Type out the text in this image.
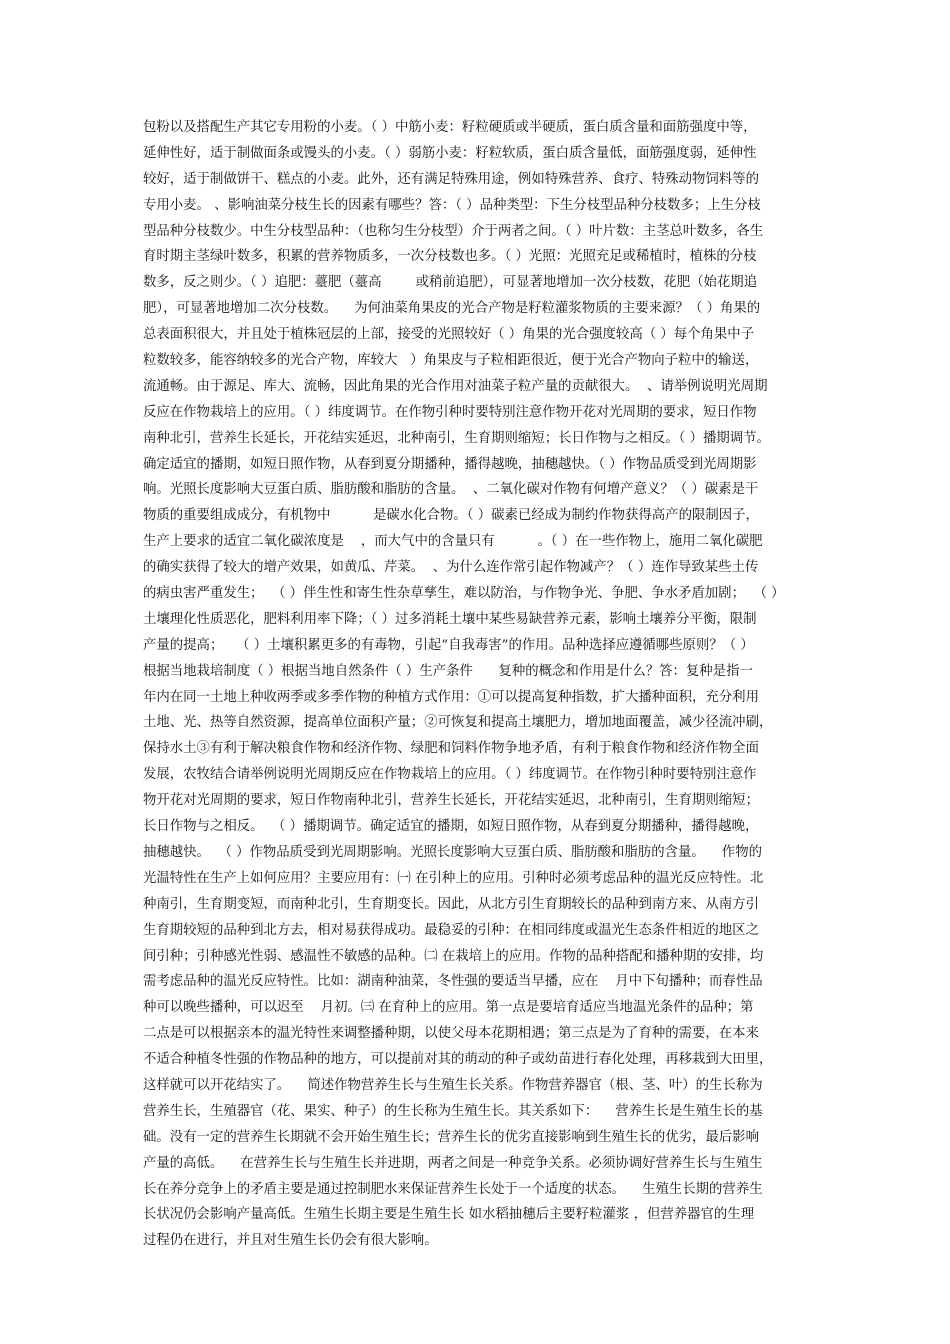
包粉以及搭配生产其它专用粉的小麦。（ ）中筋小麦：籽粒硬质或半硬质，蛋白质含量和面筋强度中等，
延伸性好，适于制做面条或馒头的小麦。（ ）弱筋小麦：籽粒软质，蛋白质含量低，面筋强度弱，延伸性
较好，适于制做饼干、糕点的小麦。此外，还有满足特殊用途，例如特殊营养、食疗、特殊动物饲料等的
专用小麦。 、影响油菜分枝生长的因素有哪些？答：（ ）品种类型：下生分枝型品种分枝数多；上生分枝
型品种分枝数少。中生分枝型品种：（也称匀生分枝型）介于两者之间。（ ）叶片数：主茎总叶数多，各生
育时期主茎绿叶数多，积累的营养物质多，一次分枝数也多。（ ）光照：光照充足或稀植时，植株的分枝
数多，反之则少。（ ）追肥：薹肥（薹高        或稍前追肥），可显著地增加一次分枝数，花肥（始花期追
肥），可显著地增加二次分枝数。    为何油菜角果皮的光合产物是籽粒灌浆物质的主要来源？（ ）角果的
总表面积很大，并且处于植株冠层的上部，接受的光照较好（ ）角果的光合强度较高（ ）每个角果中子
粒数较多，能容纳较多的光合产物，库较大   ）角果皮与子粒相距很近，便于光合产物向子粒中的输送，
流通畅。由于源足、库大、流畅，因此角果的光合作用对油菜子粒产量的贡献很大。  、请举例说明光周期
反应在作物栽培上的应用。（ ）纬度调节。在作物引种时要特别注意作物开花对光周期的要求，短日作物
南种北引，营养生长延长，开花结实延迟，北种南引，生育期则缩短；长日作物与之相反。（ ）播期调节。
确定适宜的播期，如短日照作物，从春到夏分期播种，播得越晚，抽穗越快。（ ）作物品质受到光周期影
响。光照长度影响大豆蛋白质、脂肪酸和脂肪的含量。  、二氧化碳对作物有何增产意义？（ ）碳素是干
物质的重要组成成分，有机物中          是碳水化合物。（ ）碳素已经成为制约作物获得高产的限制因子，
生产上要求的适宜二氧化碳浓度是    ，而大气中的含量只有          。（ ）在一些作物上，施用二氧化碳肥
的确实获得了较大的增产效果，如黄瓜、芹菜。  、为什么连作常引起作物减产？（ ）连作导致某些土传
的病虫害严重发生；  （ ）伴生性和寄生性杂草孳生，难以防治，与作物争光、争肥、争水矛盾加剧；  （ ）
土壤理化性质恶化，肥料利用率下降；（ ）过多消耗土壤中某些易缺营养元素，影响土壤养分平衡，限制
产量的提高；   （ ）土壤积累更多的有毒物，引起“自我毒害”的作用。品种选择应遵循哪些原则？（ ）
根据当地栽培制度（ ）根据当地自然条件（ ）生产条件      复种的概念和作用是什么？答：复种是指一
年内在同一土地上种收两季或多季作物的种植方式作用：①可以提高复种指数，扩大播种面积，充分利用
土地、光、热等自然资源，提高单位面积产量；②可恢复和提高土壤肥力，增加地面覆盖，减少径流冲刷，
保持水土③有利于解决粮食作物和经济作物、绿肥和饲料作物争地矛盾，有利于粮食作物和经济作物全面
发展，农牧结合请举例说明光周期反应在作物栽培上的应用。（ ）纬度调节。在作物引种时要特别注意作
物开花对光周期的要求，短日作物南种北引，营养生长延长，开花结实延迟，北种南引，生育期则缩短；
长日作物与之相反。  （ ）播期调节。确定适宜的播期，如短日照作物，从春到夏分期播种，播得越晚，
抽穗越快。  （ ）作物品质受到光周期影响。光照长度影响大豆蛋白质、脂肪酸和脂肪的含量。    作物的
光温特性在生产上如何应用？主要应用有：㈠ 在引种上的应用。引种时必须考虑品种的温光反应特性。北
种南引，生育期变短，而南种北引，生育期变长。因此，从北方引生育期较长的品种到南方来、从南方引
生育期较短的品种到北方去，相对易获得成功。最稳妥的引种：在相同纬度或温光生态条件相近的地区之
间引种；引种感光性弱、感温性不敏感的品种。㈡ 在栽培上的应用。作物的品种搭配和播种期的安排，均
需考虑品种的温光反应特性。比如：湖南种油菜，冬性强的要适当早播，应在    月中下旬播种；而春性品
种可以晚些播种，可以迟至    月初。㈢ 在育种上的应用。第一点是要培育适应当地温光条件的品种；第
二点是可以根据亲本的温光特性来调整播种期，以使父母本花期相遇；第三点是为了育种的需要，在本来
不适合种植冬性强的作物品种的地方，可以提前对其的萌动的种子或幼苗进行春化处理，再移栽到大田里，
这样就可以开花结实了。    简述作物营养生长与生殖生长关系。作物营养器官（根、茎、叶）的生长称为
营养生长，生殖器官（花、果实、种子）的生长称为生殖生长。其关系如下：    营养生长是生殖生长的基
础。没有一定的营养生长期就不会开始生殖生长；营养生长的优劣直接影响到生殖生长的优劣，最后影响
产量的高低。    在营养生长与生殖生长并进期，两者之间是一种竞争关系。必须协调好营养生长与生殖生
长在养分竞争上的矛盾主要是通过控制肥水来保证营养生长处于一个适度的状态。    生殖生长期的营养生
长状况仍会影响产量高低。生殖生长期主要是生殖生长 如水稻抽穗后主要籽粒灌浆 ，但营养器官的生理
过程仍在进行，并且对生殖生长仍会有很大影响。
